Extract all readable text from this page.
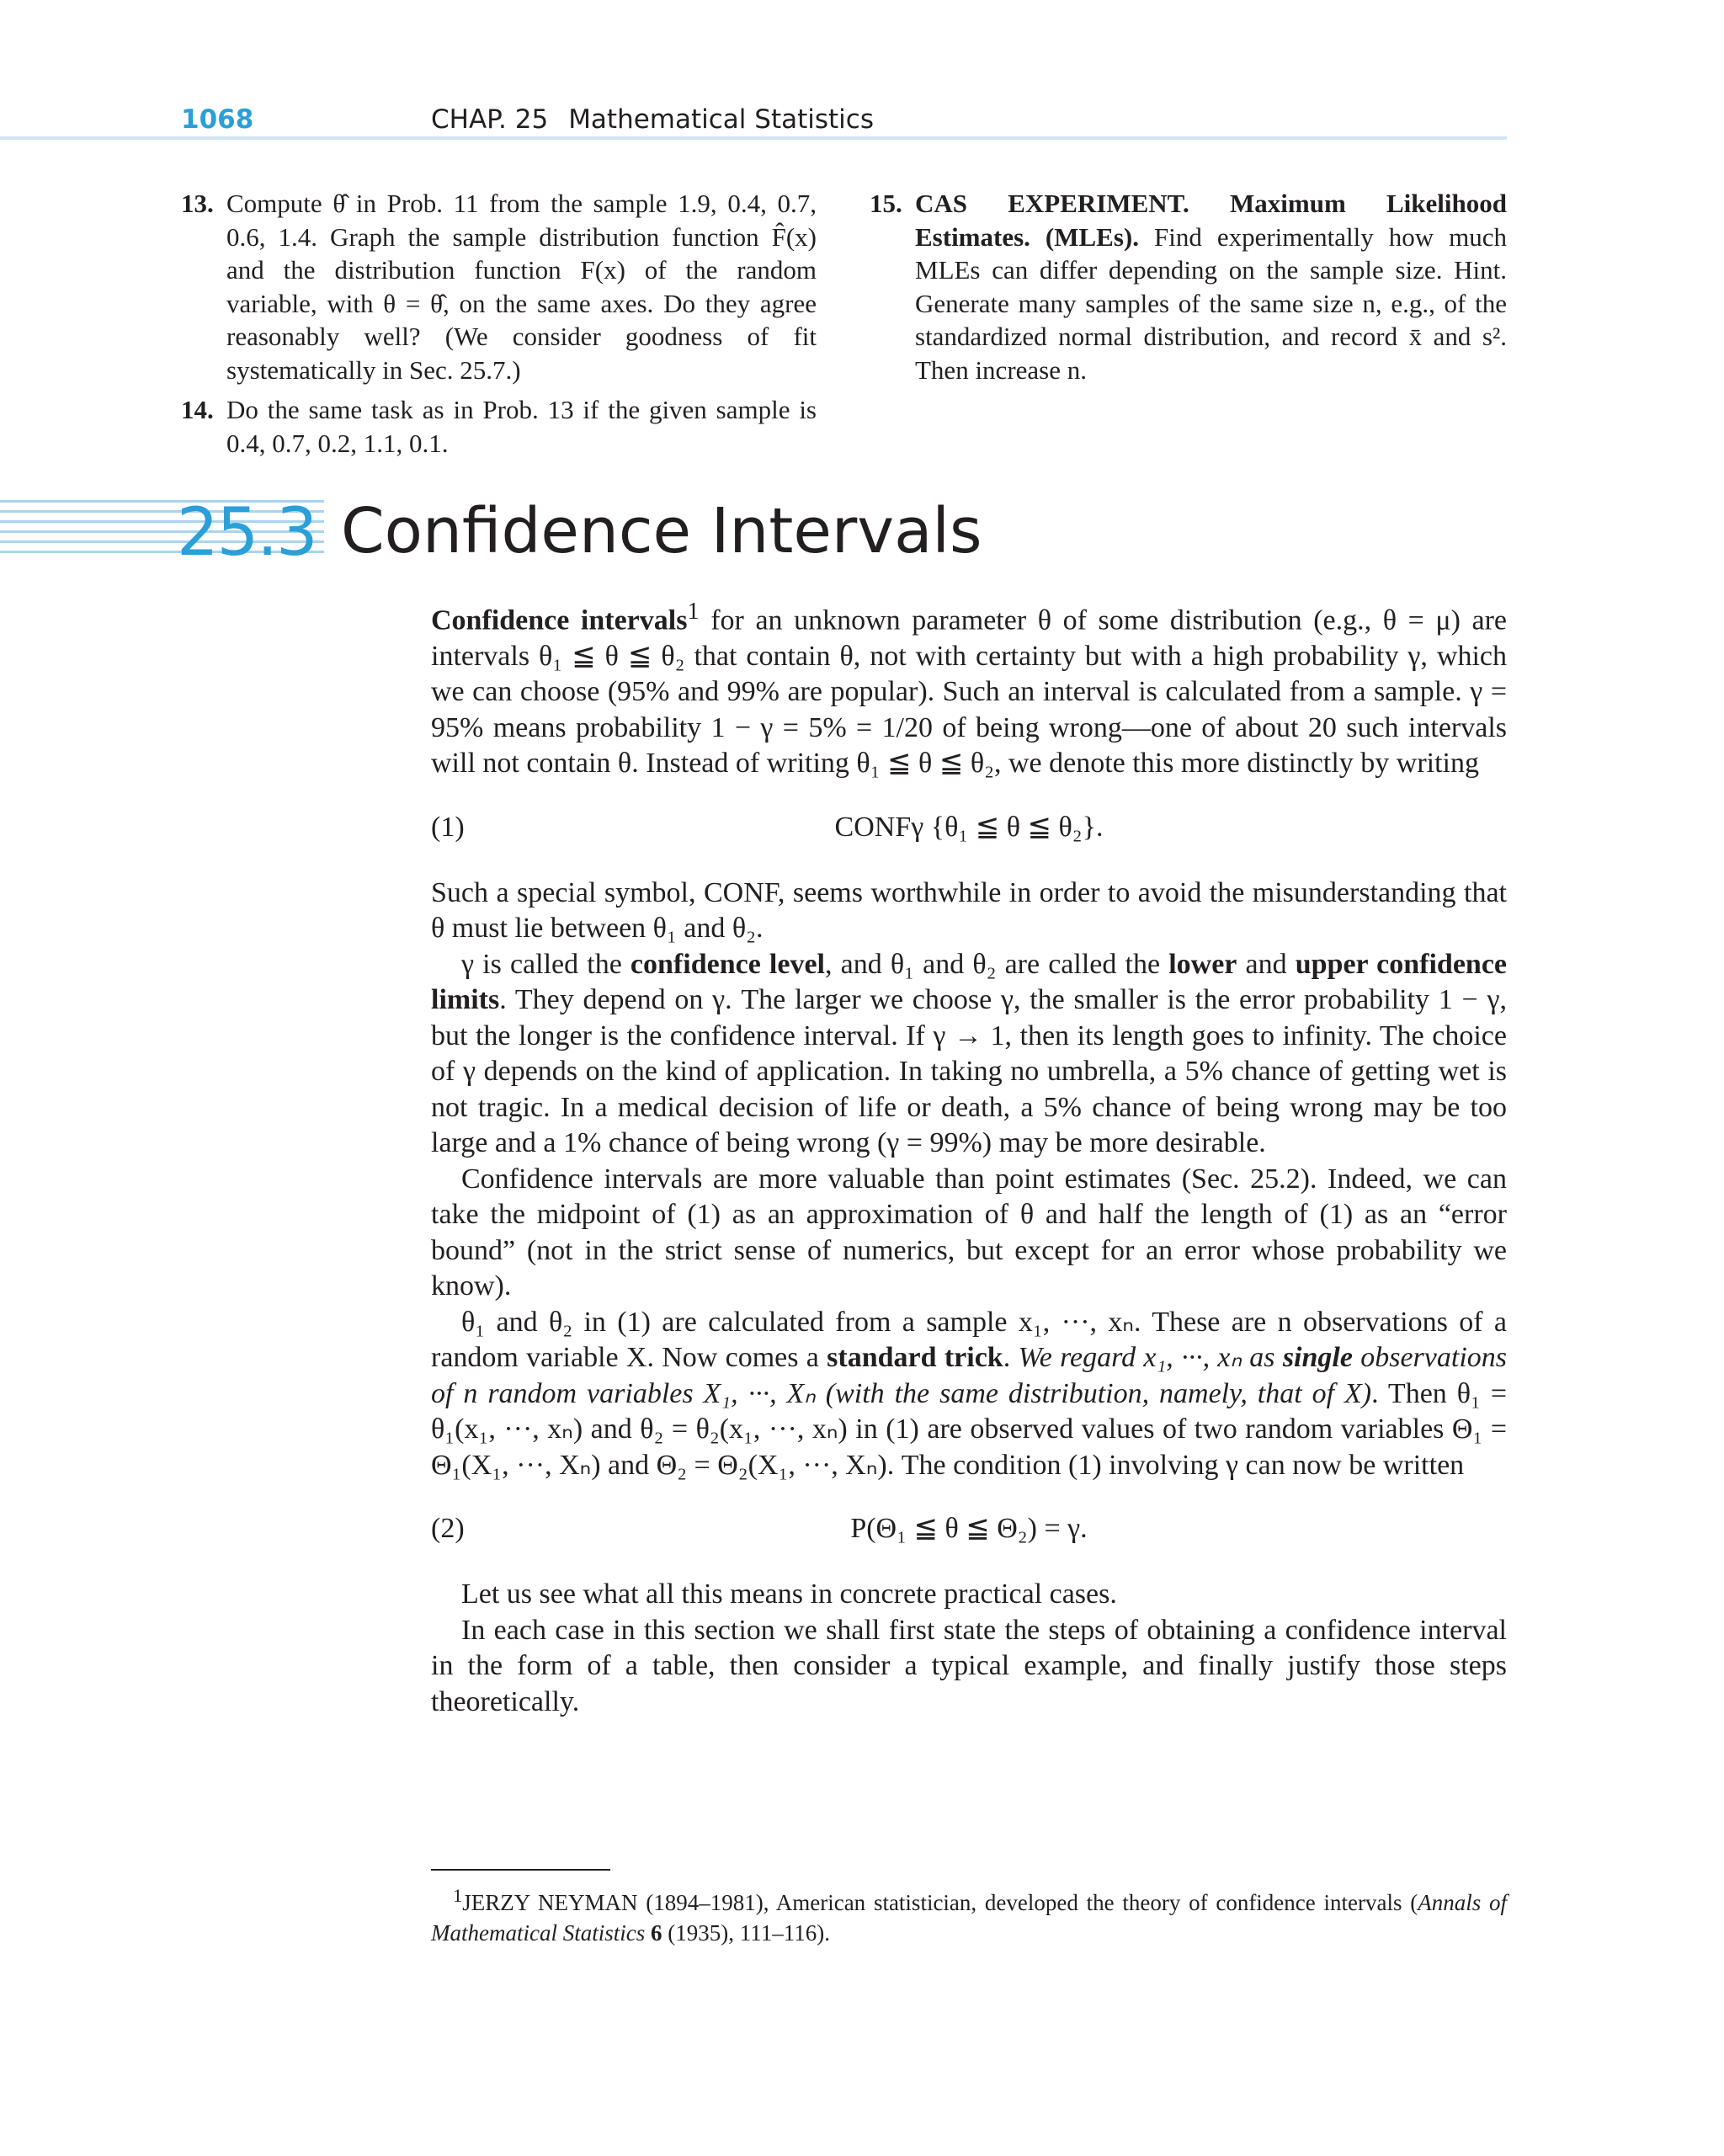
1068	CHAP. 25 Mathematical Statistics
13. Compute θ̂ in Prob. 11 from the sample 1.9, 0.4, 0.7, 0.6, 1.4. Graph the sample distribution function F̂(x) and the distribution function F(x) of the random variable, with θ = θ̂, on the same axes. Do they agree reasonably well? (We consider goodness of fit systematically in Sec. 25.7.)
14. Do the same task as in Prob. 13 if the given sample is 0.4, 0.7, 0.2, 1.1, 0.1.
15. CAS EXPERIMENT. Maximum Likelihood Estimates. (MLEs). Find experimentally how much MLEs can differ depending on the sample size. Hint. Generate many samples of the same size n, e.g., of the standardized normal distribution, and record x̄ and s². Then increase n.
25.3 Confidence Intervals

Confidence intervals$^1$ for an unknown parameter θ of some distribution (e.g., θ = μ) are intervals θ₁ ≦ θ ≦ θ₂ that contain θ, not with certainty but with a high probability γ, which we can choose (95% and 99% are popular). Such an interval is calculated from a sample. γ = 95% means probability 1 − γ = 5% = 1/20 of being wrong—one of about 20 such intervals will not contain θ. Instead of writing θ₁ ≦ θ ≦ θ₂, we denote this more distinctly by writing

(1)	CONFγ {θ₁ ≦ θ ≦ θ₂}.

Such a special symbol, CONF, seems worthwhile in order to avoid the misunderstanding that θ must lie between θ₁ and θ₂.

γ is called the confidence level, and θ₁ and θ₂ are called the lower and upper confidence limits. They depend on γ. The larger we choose γ, the smaller is the error probability 1 − γ, but the longer is the confidence interval. If γ → 1, then its length goes to infinity. The choice of γ depends on the kind of application. In taking no umbrella, a 5% chance of getting wet is not tragic. In a medical decision of life or death, a 5% chance of being wrong may be too large and a 1% chance of being wrong (γ = 99%) may be more desirable.

Confidence intervals are more valuable than point estimates (Sec. 25.2). Indeed, we can take the midpoint of (1) as an approximation of θ and half the length of (1) as an “error bound” (not in the strict sense of numerics, but except for an error whose probability we know).

θ₁ and θ₂ in (1) are calculated from a sample x₁, ···, xₙ. These are n observations of a random variable X. Now comes a standard trick. We regard x₁, ···, xₙ as single observations of n random variables X₁, ···, Xₙ (with the same distribution, namely, that of X). Then θ₁ = θ₁(x₁, ···, xₙ) and θ₂ = θ₂(x₁, ···, xₙ) in (1) are observed values of two random variables Θ₁ = Θ₁(X₁, ···, Xₙ) and Θ₂ = Θ₂(X₁, ···, Xₙ). The condition (1) involving γ can now be written

(2)	P(Θ₁ ≦ θ ≦ Θ₂) = γ.

Let us see what all this means in concrete practical cases.

In each case in this section we shall first state the steps of obtaining a confidence interval in the form of a table, then consider a typical example, and finally justify those steps theoretically.

$^1$JERZY NEYMAN (1894–1981), American statistician, developed the theory of confidence intervals (Annals of Mathematical Statistics 6 (1935), 111–116).
